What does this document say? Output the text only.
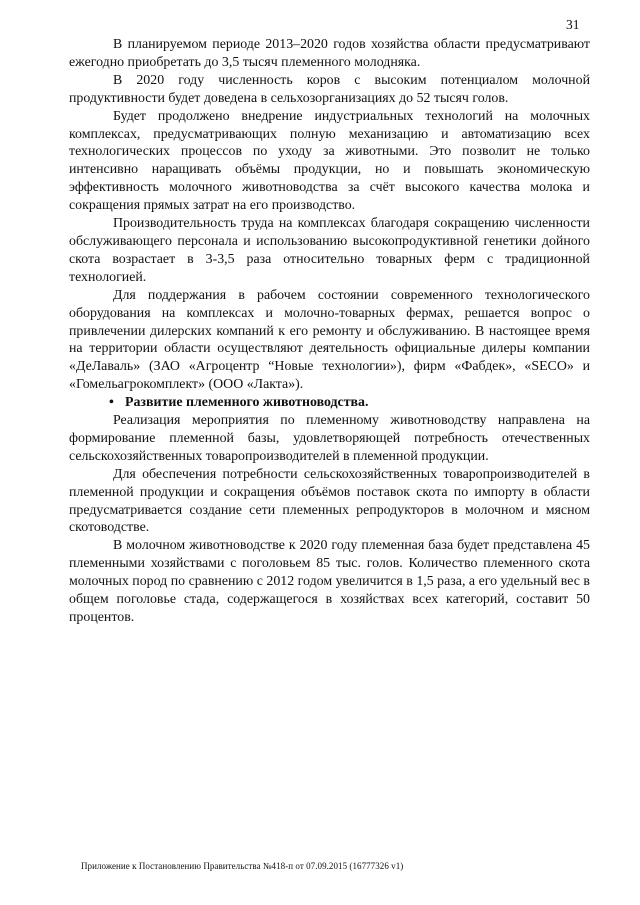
31

В планируемом периоде 2013–2020 годов хозяйства области предусматривают ежегодно приобретать до 3,5 тысяч племенного молодняка.

В 2020 году численность коров с высоким потенциалом молочной продуктивности будет доведена в сельхозорганизациях до 52 тысяч голов.

Будет продолжено внедрение индустриальных технологий на молочных комплексах, предусматривающих полную механизацию и автоматизацию всех технологических процессов по уходу за животными. Это позволит не только интенсивно наращивать объёмы продукции, но и повышать экономическую эффективность молочного животноводства за счёт высокого качества молока и сокращения прямых затрат на его производство.

Производительность труда на комплексах благодаря сокращению численности обслуживающего персонала и использованию высокопродуктивной генетики дойного скота возрастает в 3-3,5 раза относительно товарных ферм с традиционной технологией.

Для поддержания в рабочем состоянии современного технологического оборудования на комплексах и молочно-товарных фермах, решается вопрос о привлечении дилерских компаний к его ремонту и обслуживанию. В настоящее время на территории области осуществляют деятельность официальные дилеры компании «ДеЛаваль» (ЗАО «Агроцентр “Новые технологии»), фирм «Фабдек», «SECO» и «Гомельагрокомплект» (ООО «Лакта»).

• Развитие племенного животноводства.

Реализация мероприятия по племенному животноводству направлена на формирование племенной базы, удовлетворяющей потребность отечественных сельскохозяйственных товаропроизводителей в племенной продукции.

Для обеспечения потребности сельскохозяйственных товаропроизводителей в племенной продукции и сокращения объёмов поставок скота по импорту в области предусматривается создание сети племенных репродукторов в молочном и мясном скотоводстве.

В молочном животноводстве к 2020 году племенная база будет представлена 45 племенными хозяйствами с поголовьем 85 тыс. голов. Количество племенного скота молочных пород по сравнению с 2012 годом увеличится в 1,5 раза, а его удельный вес в общем поголовье стада, содержащегося в хозяйствах всех категорий, составит 50 процентов.

Приложение к Постановлению Правительства №418-п от 07.09.2015 (16777326 v1)
